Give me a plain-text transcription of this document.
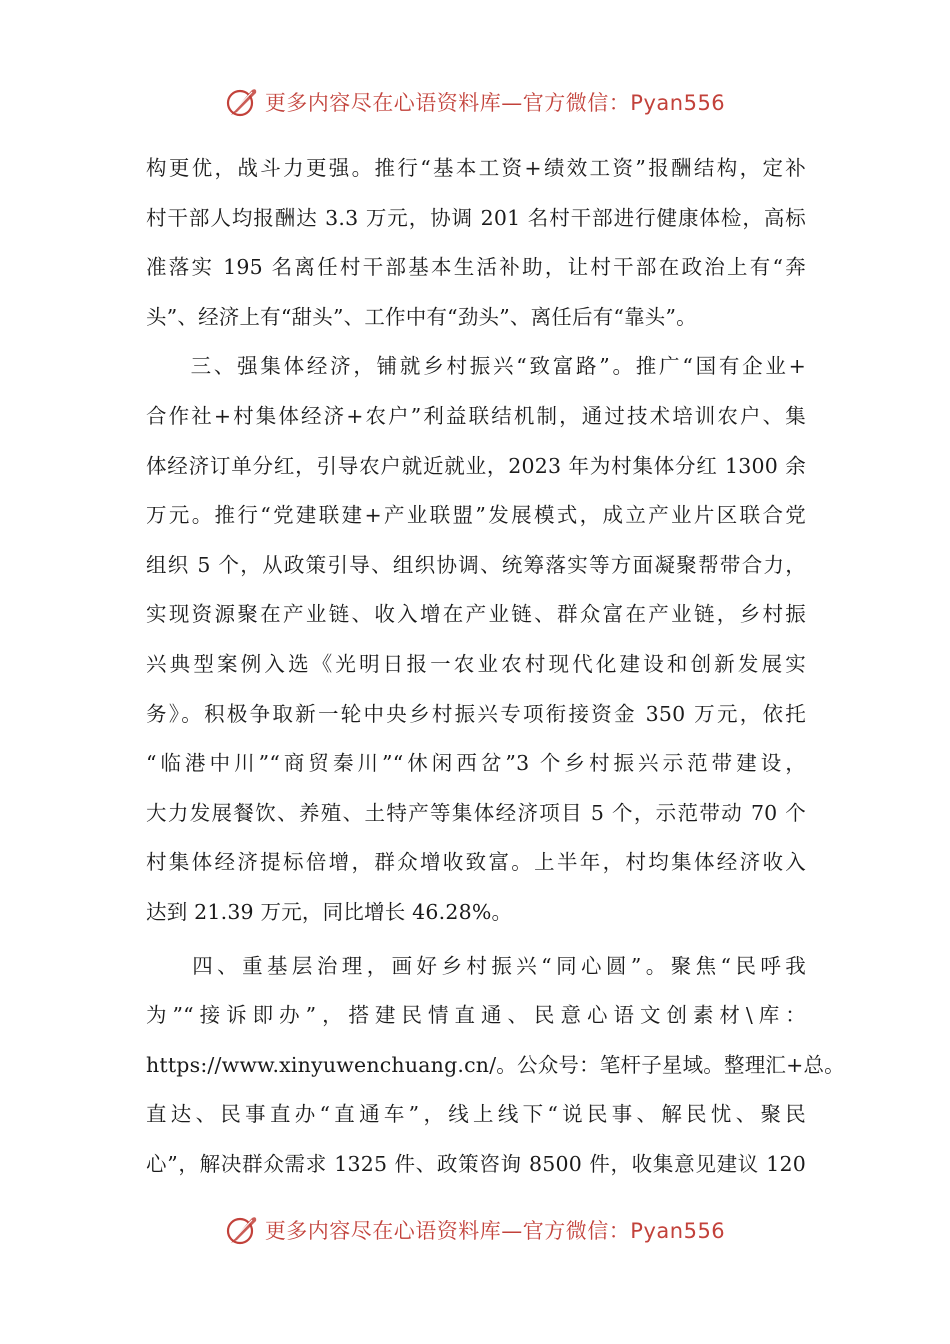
更多内容尽在心语资料库—官方微信：Pyan556
构更优，战斗力更强。推行“基本工资+绩效工资”报酬结构，定补
村干部人均报酬达 3.3 万元，协调 201 名村干部进行健康体检，高标
准落实 195 名离任村干部基本生活补助，让村干部在政治上有“奔
头”、经济上有“甜头”、工作中有“劲头”、离任后有“靠头”。
三、强集体经济，铺就乡村振兴“致富路”。推广“国有企业+
合作社+村集体经济+农户”利益联结机制，通过技术培训农户、集
体经济订单分红，引导农户就近就业，2023 年为村集体分红 1300 余
万元。推行“党建联建+产业联盟”发展模式，成立产业片区联合党
组织 5 个，从政策引导、组织协调、统筹落实等方面凝聚帮带合力，
实现资源聚在产业链、收入增在产业链、群众富在产业链，乡村振
兴典型案例入选《光明日报一农业农村现代化建设和创新发展实
务》。积极争取新一轮中央乡村振兴专项衔接资金 350 万元，依托
“临港中川”“商贸秦川”“休闲西岔”3 个乡村振兴示范带建设，
大力发展餐饮、养殖、土特产等集体经济项目 5 个，示范带动 70 个
村集体经济提标倍增，群众增收致富。上半年，村均集体经济收入
达到 21.39 万元，同比增长 46.28%。
四、重基层治理，画好乡村振兴“同心圆”。聚焦“民呼我
为”“接诉即办”，搭建民情直通、民意心语文创素材\库：
https://www.xinyuwenchuang.cn/。公众号：笔杆子星域。整理汇+总。
直达、民事直办“直通车”，线上线下“说民事、解民忧、聚民
心”，解决群众需求 1325 件、政策咨询 8500 件，收集意见建议 120
更多内容尽在心语资料库—官方微信：Pyan556
